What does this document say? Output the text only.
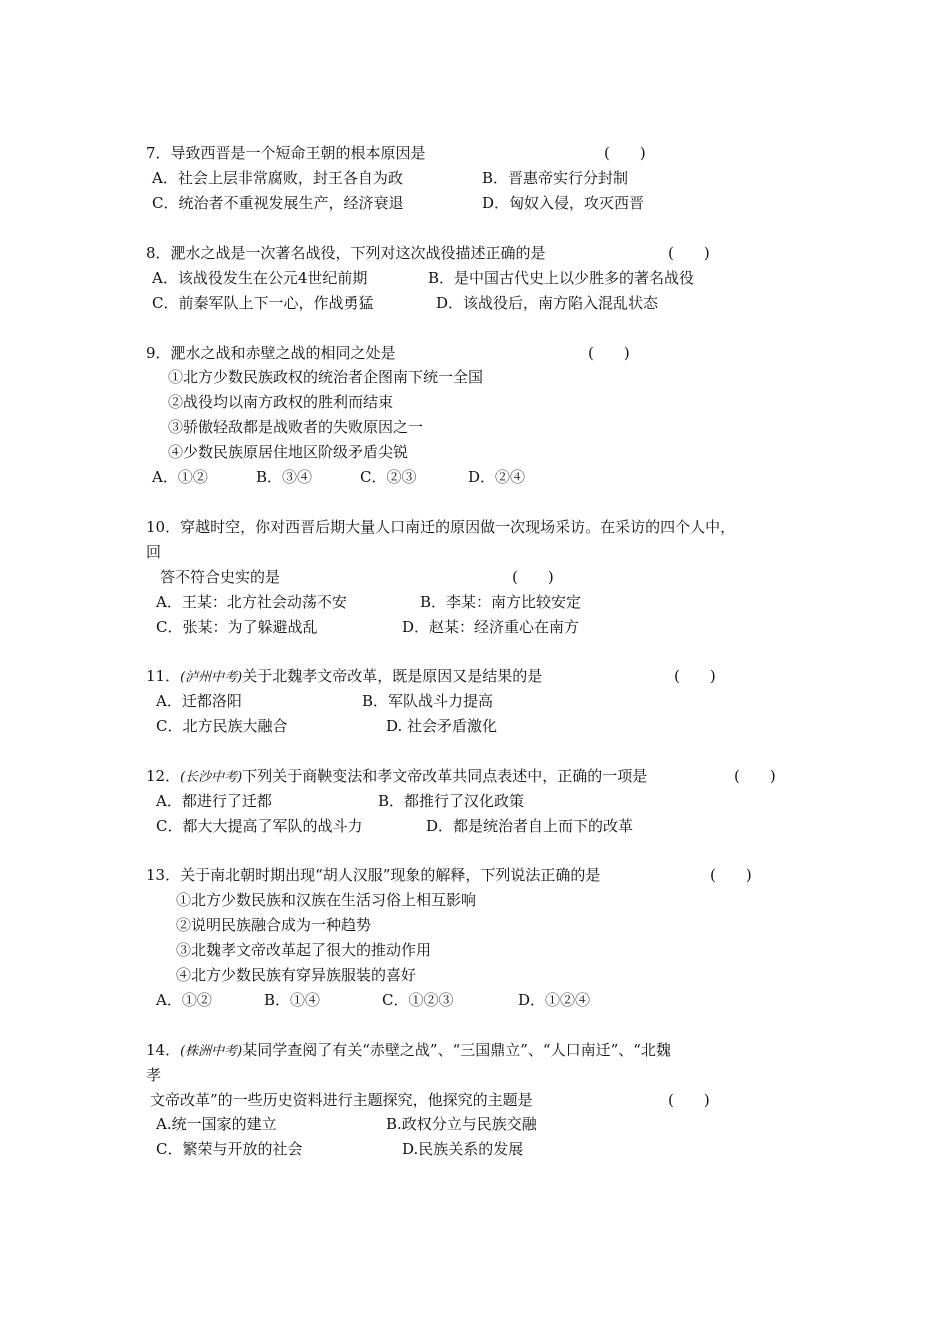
7．导致西晋是一个短命王朝的根本原因是	(　　)
A．社会上层非常腐败，封王各自为政	B．晋惠帝实行分封制
C．统治者不重视发展生产，经济衰退	D．匈奴入侵，攻灭西晋
8．淝水之战是一次著名战役，下列对这次战役描述正确的是	(　　)
A．该战役发生在公元4世纪前期	B．是中国古代史上以少胜多的著名战役
C．前秦军队上下一心，作战勇猛	D．该战役后，南方陷入混乱状态
9．淝水之战和赤壁之战的相同之处是	(　　)
①北方少数民族政权的统治者企图南下统一全国
②战役均以南方政权的胜利而结束
③骄傲轻敌都是战败者的失败原因之一
④少数民族原居住地区阶级矛盾尖锐
A．①②	B．③④	C．②③	D．②④
10．穿越时空，你对西晋后期大量人口南迁的原因做一次现场采访。在采访的四个人中，
回
答不符合史实的是	(　　)
A．王某：北方社会动荡不安	B．李某：南方比较安定
C．张某：为了躲避战乱	D．赵某：经济重心在南方
11．(泸州中考)关于北魏孝文帝改革，既是原因又是结果的是	(　　)
A．迁都洛阳	B．军队战斗力提高
C．北方民族大融合	D. 社会矛盾激化
12．(长沙中考)下列关于商鞅变法和孝文帝改革共同点表述中，正确的一项是	(　　)
A．都进行了迁都	B．都推行了汉化政策
C．都大大提高了军队的战斗力	D．都是统治者自上而下的改革
13．关于南北朝时期出现“胡人汉服”现象的解释，下列说法正确的是	(　　)
①北方少数民族和汉族在生活习俗上相互影响
②说明民族融合成为一种趋势
③北魏孝文帝改革起了很大的推动作用
④北方少数民族有穿异族服装的喜好
A．①②	B．①④	C．①②③	D．①②④
14．(株洲中考)某同学查阅了有关“赤壁之战”、“三国鼎立”、“人口南迁”、“北魏
孝
文帝改革”的一些历史资料进行主题探究，他探究的主题是	(　　)
A.统一国家的建立	B.政权分立与民族交融
C．繁荣与开放的社会	D.民族关系的发展
